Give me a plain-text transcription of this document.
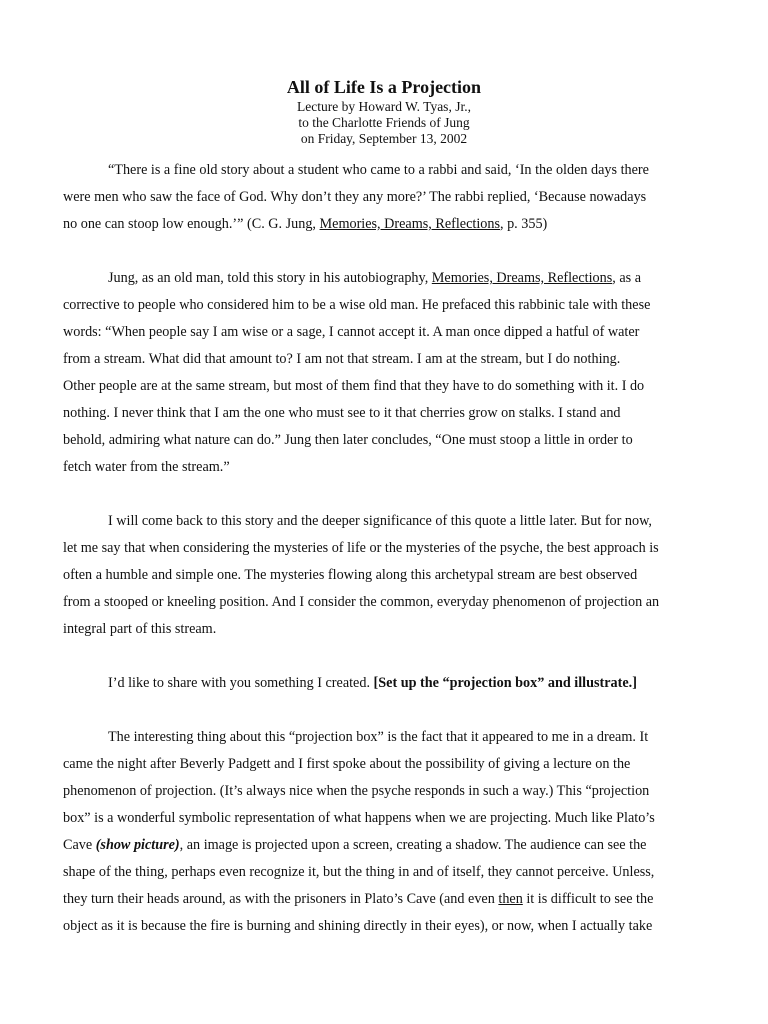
All of Life Is a Projection
Lecture by Howard W. Tyas, Jr.,
to the Charlotte Friends of Jung
on Friday, September 13, 2002
“There is a fine old story about a student who came to a rabbi and said, ‘In the olden days there
were men who saw the face of God. Why don’t they any more?’ The rabbi replied, ‘Because nowadays
no one can stoop low enough.’” (C. G. Jung, Memories, Dreams, Reflections, p. 355)
Jung, as an old man, told this story in his autobiography, Memories, Dreams, Reflections, as a
corrective to people who considered him to be a wise old man. He prefaced this rabbinic tale with these
words: “When people say I am wise or a sage, I cannot accept it. A man once dipped a hatful of water
from a stream. What did that amount to? I am not that stream. I am at the stream, but I do nothing.
Other people are at the same stream, but most of them find that they have to do something with it. I do
nothing. I never think that I am the one who must see to it that cherries grow on stalks. I stand and
behold, admiring what nature can do.” Jung then later concludes, “One must stoop a little in order to
fetch water from the stream.”
I will come back to this story and the deeper significance of this quote a little later. But for now,
let me say that when considering the mysteries of life or the mysteries of the psyche, the best approach is
often a humble and simple one. The mysteries flowing along this archetypal stream are best observed
from a stooped or kneeling position. And I consider the common, everyday phenomenon of projection an
integral part of this stream.
I’d like to share with you something I created. [Set up the “projection box” and illustrate.]
The interesting thing about this “projection box” is the fact that it appeared to me in a dream. It
came the night after Beverly Padgett and I first spoke about the possibility of giving a lecture on the
phenomenon of projection. (It’s always nice when the psyche responds in such a way.) This “projection
box” is a wonderful symbolic representation of what happens when we are projecting. Much like Plato’s
Cave (show picture), an image is projected upon a screen, creating a shadow. The audience can see the
shape of the thing, perhaps even recognize it, but the thing in and of itself, they cannot perceive. Unless,
they turn their heads around, as with the prisoners in Plato’s Cave (and even then it is difficult to see the
object as it is because the fire is burning and shining directly in their eyes), or now, when I actually take
